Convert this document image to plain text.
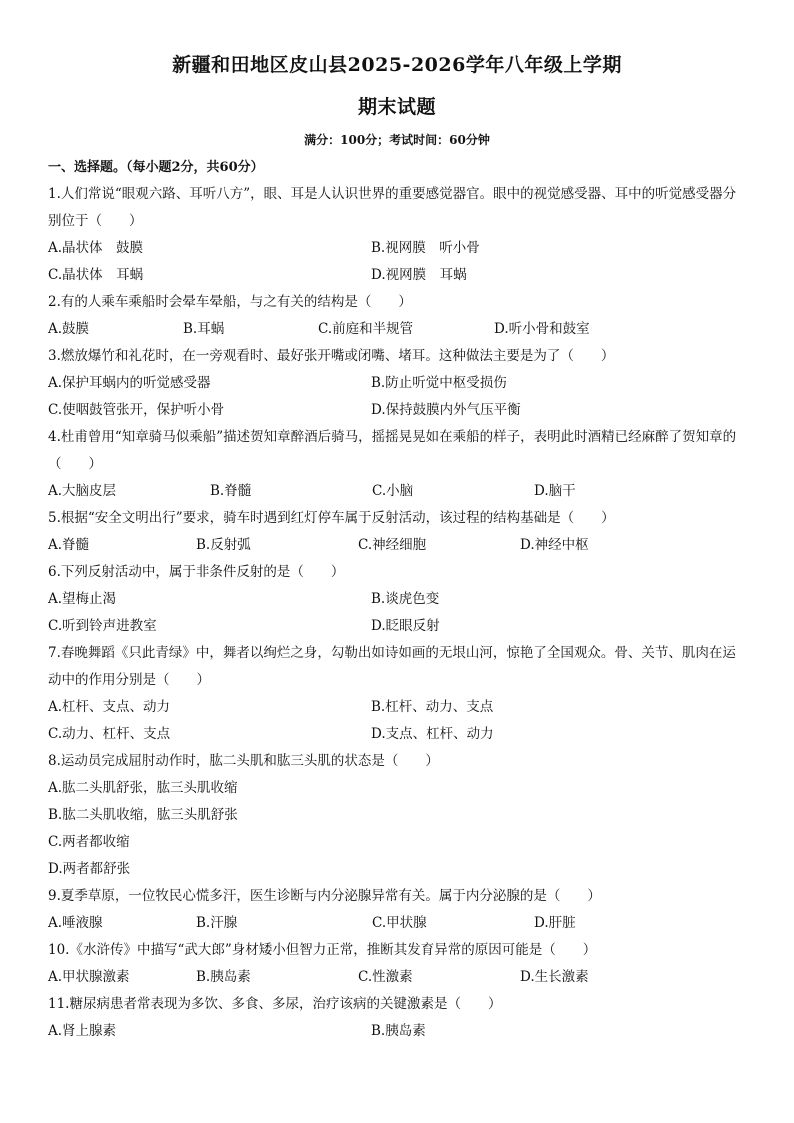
新疆和田地区皮山县2025-2026学年八年级上学期
期末试题
满分：100分；考试时间：60分钟
一、选择题。（每小题2分，共60分）

1.人们常说“眼观六路、耳听八方”，眼、耳是人认识世界的重要感觉器官。眼中的视觉感受器、耳中的听觉感受器分别位于（　　）

A.晶状体　鼓膜	B.视网膜　听小骨
C.晶状体　耳蜗	D.视网膜　耳蜗

2.有的人乘车乘船时会晕车晕船，与之有关的结构是（　　）

A.鼓膜	B.耳蜗	C.前庭和半规管	D.听小骨和鼓室

3.燃放爆竹和礼花时，在一旁观看时、最好张开嘴或闭嘴、堵耳。这种做法主要是为了（　　）

A.保护耳蜗内的听觉感受器	B.防止听觉中枢受损伤
C.使咽鼓管张开，保护听小骨	D.保持鼓膜内外气压平衡

4.杜甫曾用“知章骑马似乘船”描述贺知章醉酒后骑马，摇摇晃晃如在乘船的样子，表明此时酒精已经麻醉了贺知章的（　　）

A.大脑皮层	B.脊髓	C.小脑	D.脑干

5.根据“安全文明出行”要求，骑车时遇到红灯停车属于反射活动，该过程的结构基础是（　　）

A.脊髓	B.反射弧	C.神经细胞	D.神经中枢

6.下列反射活动中，属于非条件反射的是（　　）

A.望梅止渴	B.谈虎色变
C.听到铃声进教室	D.眨眼反射

7.春晚舞蹈《只此青绿》中，舞者以绚烂之身，勾勒出如诗如画的无垠山河，惊艳了全国观众。骨、关节、肌肉在运动中的作用分别是（　　）

A.杠杆、支点、动力	B.杠杆、动力、支点
C.动力、杠杆、支点	D.支点、杠杆、动力

8.运动员完成屈肘动作时，肱二头肌和肱三头肌的状态是（　　）

A.肱二头肌舒张，肱三头肌收缩
B.肱二头肌收缩，肱三头肌舒张
C.两者都收缩
D.两者都舒张

9.夏季草原，一位牧民心慌多汗，医生诊断与内分泌腺异常有关。属于内分泌腺的是（　　）

A.唾液腺	B.汗腺	C.甲状腺	D.肝脏

10.《水浒传》中描写“武大郎”身材矮小但智力正常，推断其发育异常的原因可能是（　　）

A.甲状腺激素	B.胰岛素	C.性激素	D.生长激素

11.糖尿病患者常表现为多饮、多食、多尿，治疗该病的关键激素是（　　）

A.肾上腺素	B.胰岛素
